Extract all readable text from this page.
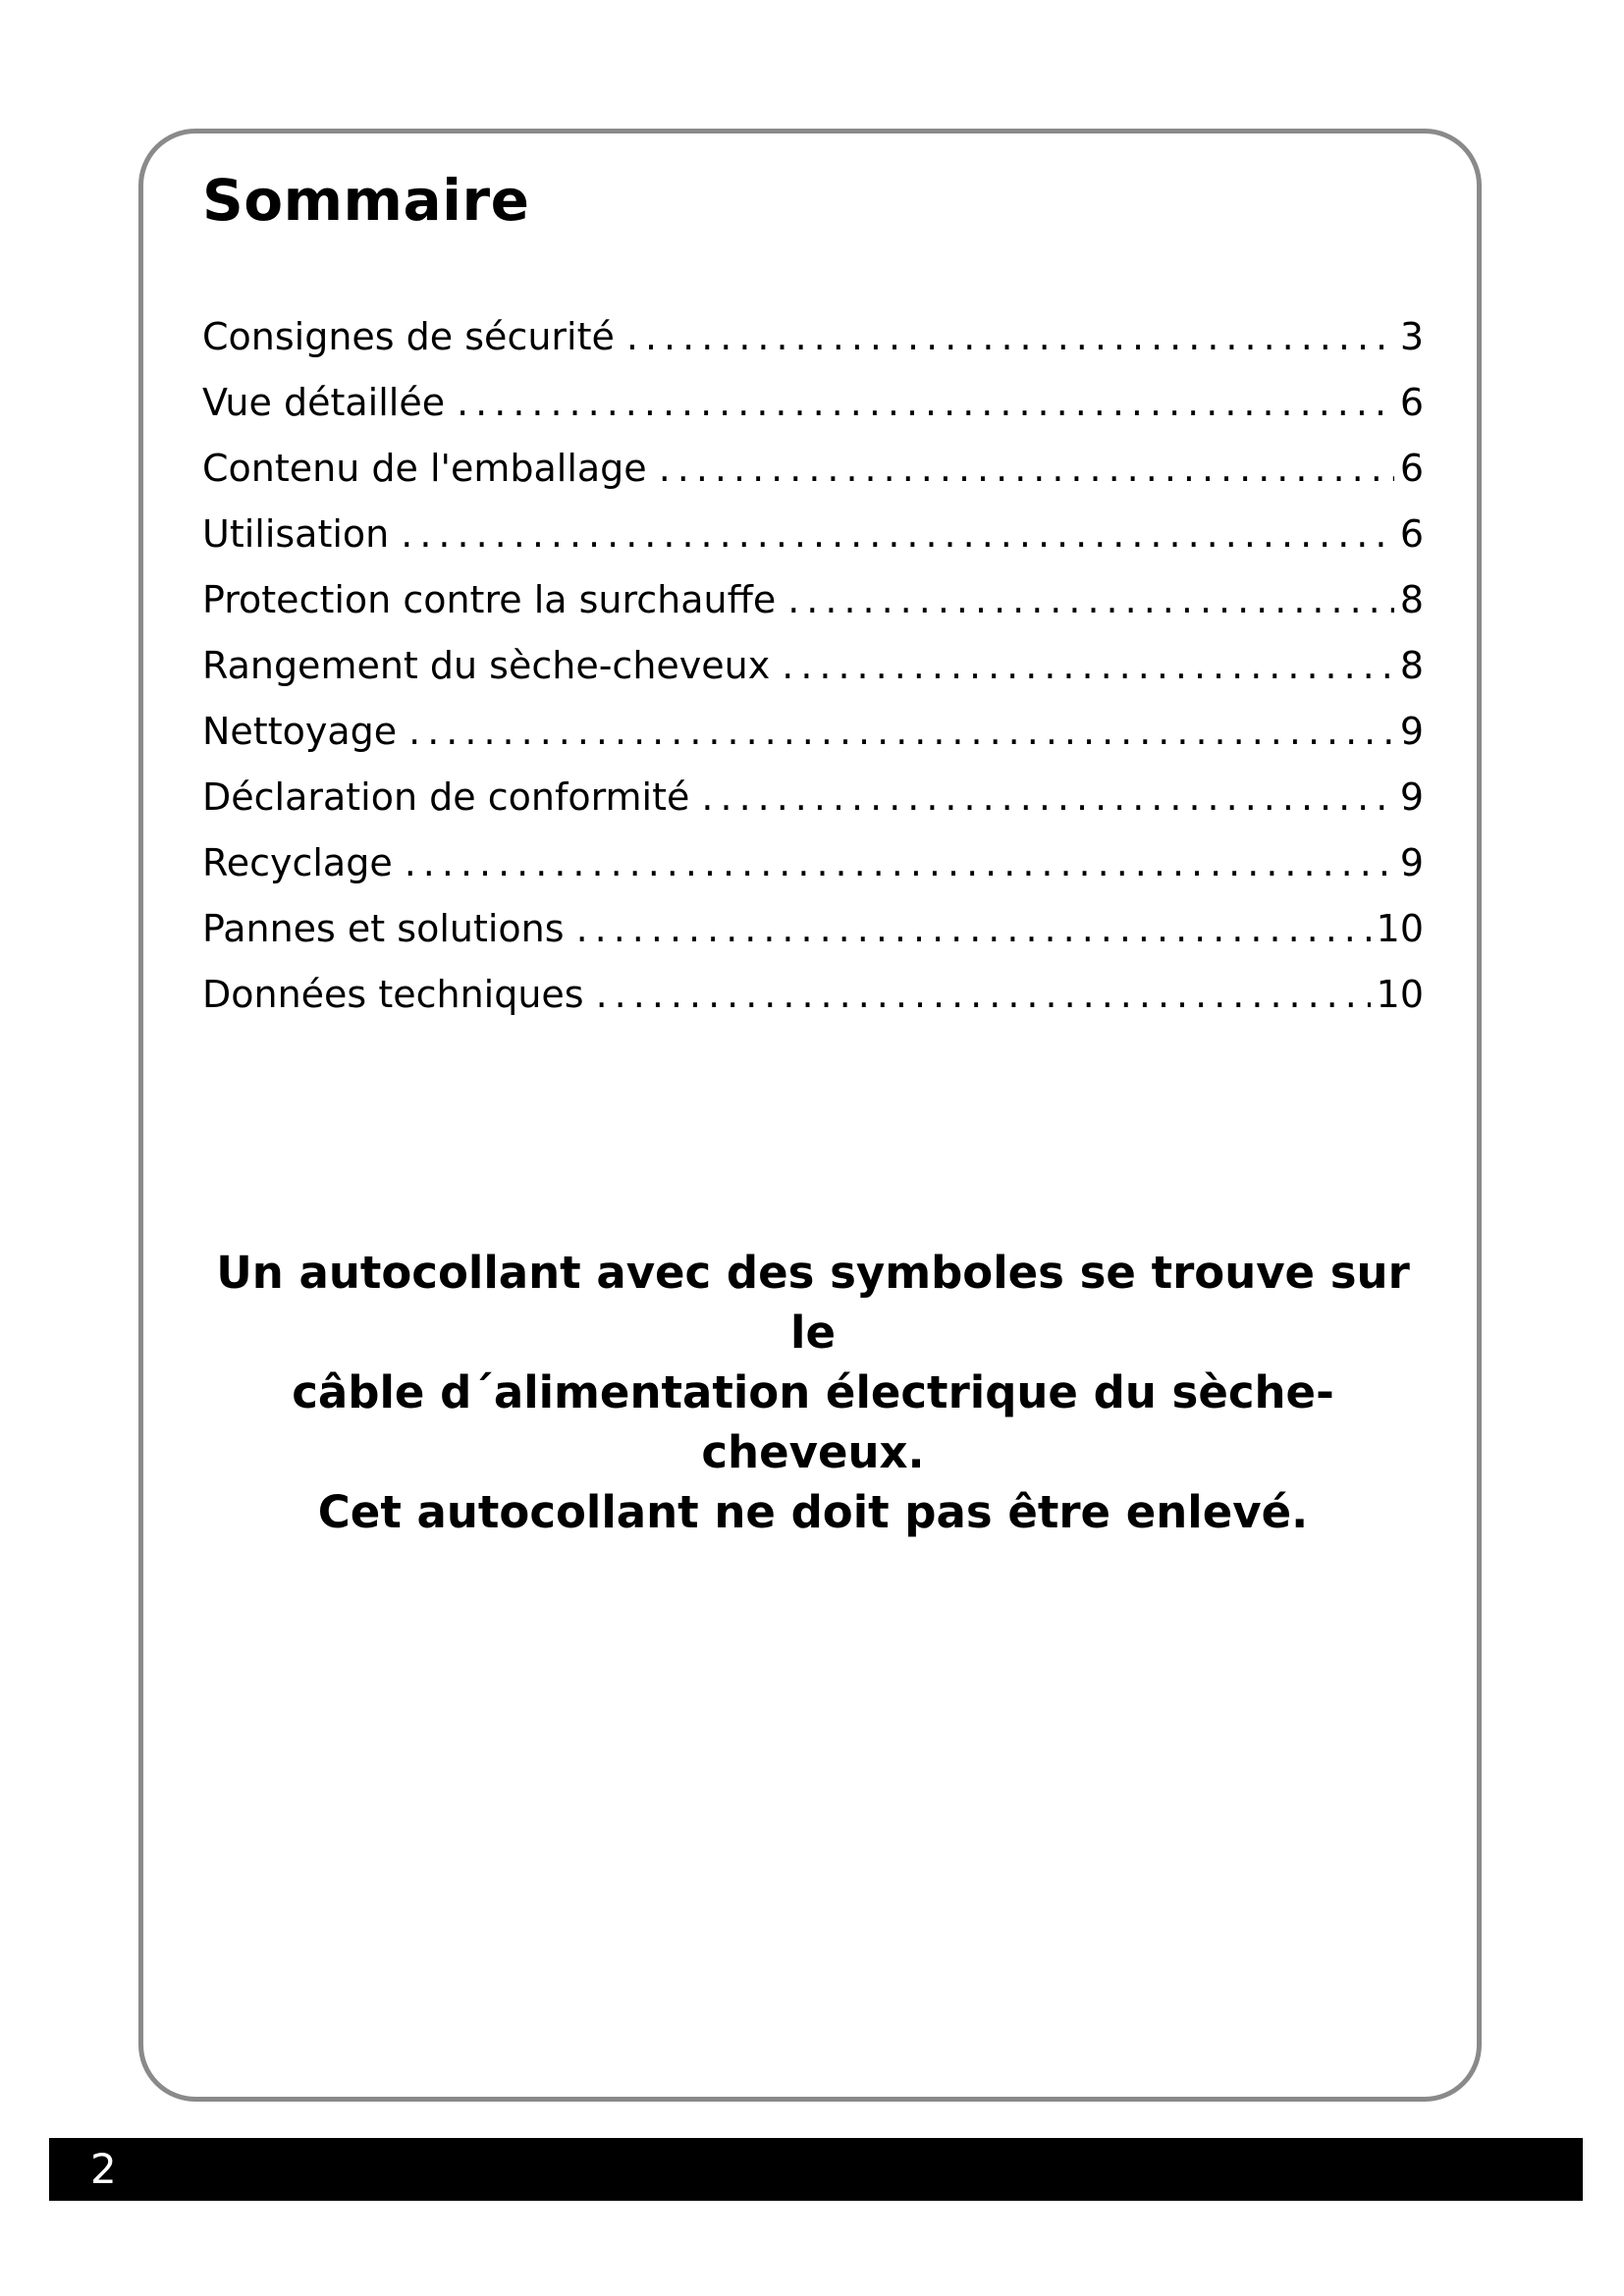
Sommaire
Consignes de sécurité .....	3
Vue détaillée .....	6
Contenu de l'emballage .....	6
Utilisation .....	6
Protection contre la surchauffe .....	8
Rangement du sèche-cheveux .....	8
Nettoyage .....	9
Déclaration de conformité .....	9
Recyclage .....	9
Pannes et solutions .....	10
Données techniques .....	10

Un autocollant avec des symboles se trouve sur le
câble d´alimentation électrique du sèche-cheveux.
Cet autocollant ne doit pas être enlevé.

2
